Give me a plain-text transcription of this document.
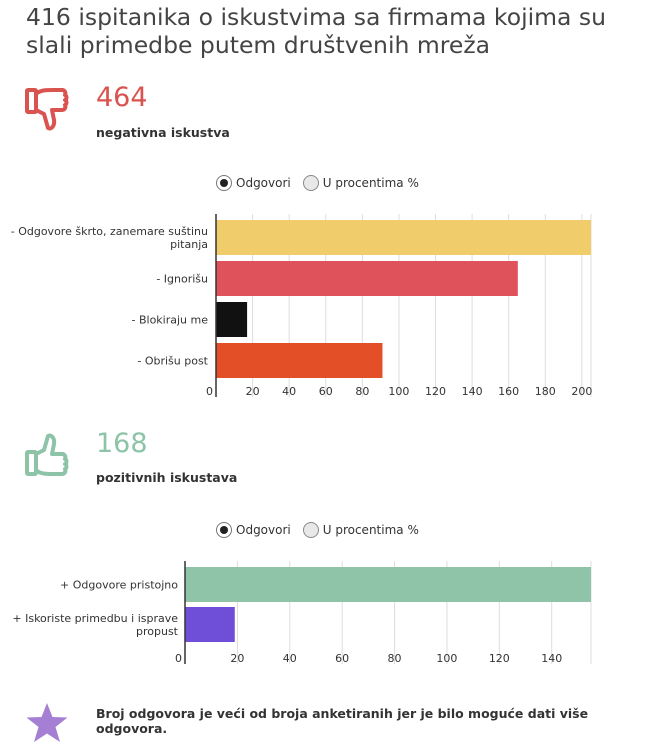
416 ispitanika o iskustvima sa firmama kojima su slali primedbe putem društvenih mreža
464
negativna iskustva
Odgovori	U procentima %
- Odgovore škrto, zanemare suštinu
pitanja
- Ignorišu
- Blokiraju me
- Obrišu post
0	20 40 60 80 100 120 140 160 180 200
168
pozitivnih iskustava
Odgovori	U procentima %
+ Odgovore pristojno
+ Iskoriste primedbu i isprave
propust
0	20	40	60	80	100	120	140
Broj odgovora je veći od broja anketiranih jer je bilo moguće dati više odgovora.
